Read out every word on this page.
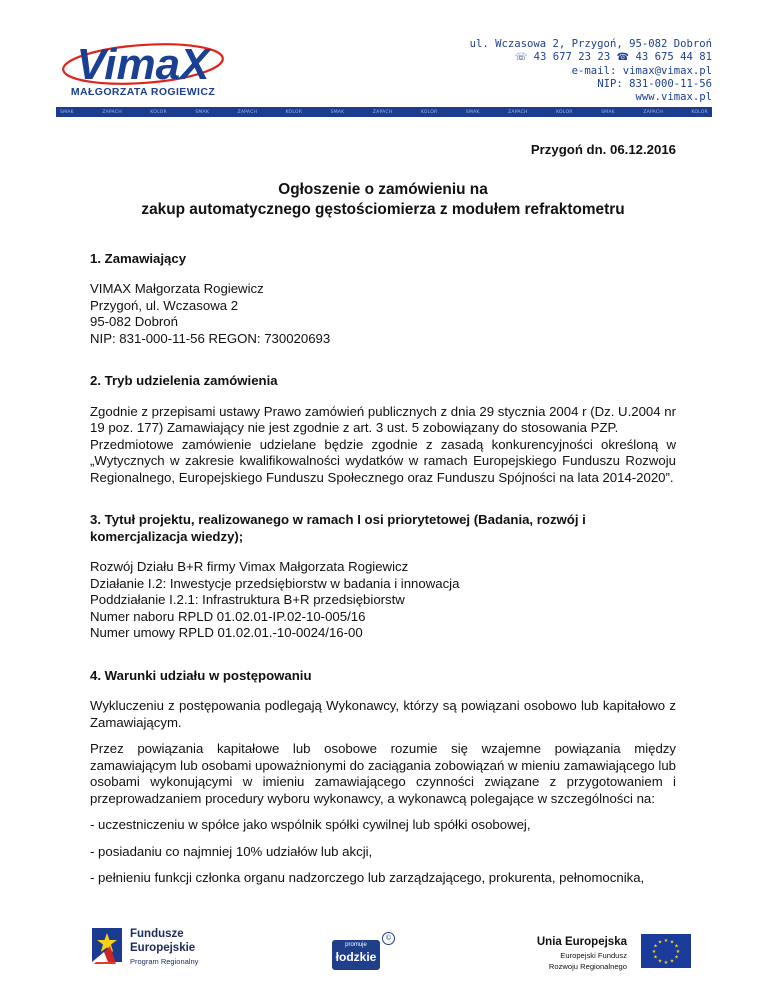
VimaX
MAŁGORZATA ROGIEWICZ
ul. Wczasowa 2, Przygoń, 95-082 Dobroń
☏ 43 677 23 23 ☎ 43 675 44 81
e-mail: vimax@vimax.pl
NIP: 831-000-11-56
www.vimax.pl
SMAK	ZAPACH	KOLOR	SMAK	ZAPACH	KOLOR	SMAK	ZAPACH	KOLOR	SMAK	ZAPACH	KOLOR	SMAK	ZAPACH	KOLOR
Przygoń dn. 06.12.2016
Ogłoszenie o zamówieniu na
zakup automatycznego gęstościomierza z modułem refraktometru
1. Zamawiający
VIMAX Małgorzata Rogiewicz
Przygoń, ul. Wczasowa 2
95-082 Dobroń
NIP: 831-000-11-56 REGON: 730020693
2. Tryb udzielenia zamówienia
Zgodnie z przepisami ustawy Prawo zamówień publicznych z dnia 29 stycznia 2004 r (Dz. U.2004 nr 19 poz. 177) Zamawiający nie jest zgodnie z art. 3 ust. 5 zobowiązany do stosowania PZP.
Przedmiotowe zamówienie udzielane będzie zgodnie z zasadą konkurencyjności określoną w „Wytycznych w zakresie kwalifikowalności wydatków w ramach Europejskiego Funduszu Rozwoju Regionalnego, Europejskiego Funduszu Społecznego oraz Funduszu Spójności na lata 2014-2020”.
3. Tytuł projektu, realizowanego w ramach I osi priorytetowej (Badania, rozwój i komercjalizacja wiedzy);
Rozwój Działu B+R firmy Vimax Małgorzata Rogiewicz
Działanie I.2: Inwestycje przedsiębiorstw w badania i innowacja
Poddziałanie I.2.1: Infrastruktura B+R przedsiębiorstw
Numer naboru RPLD 01.02.01-IP.02-10-005/16
Numer umowy RPLD 01.02.01.-10-0024/16-00
4. Warunki udziału w postępowaniu
Wykluczeniu z postępowania podlegają Wykonawcy, którzy są powiązani osobowo lub kapitałowo z Zamawiającym.
Przez powiązania kapitałowe lub osobowe rozumie się wzajemne powiązania między zamawiającym lub osobami upoważnionymi do zaciągania zobowiązań w mieniu zamawiającego lub osobami wykonującymi w imieniu zamawiającego czynności związane z przygotowaniem i przeprowadzaniem procedury wyboru wykonawcy, a wykonawcą polegające w szczególności na:
- uczestniczeniu w spółce jako wspólnik spółki cywilnej lub spółki osobowej,
- posiadaniu co najmniej 10% udziałów lub akcji,
- pełnieniu funkcji członka organu nadzorczego lub zarządzającego, prokurenta, pełnomocnika,
Fundusze
Europejskie
Program Regionalny
promuje
łodzkie
©	Unia Europejska
Europejski Fundusz
Rozwoju Regionalnego
★ ★
★
★
★
★
★
★
★
★
★
★
